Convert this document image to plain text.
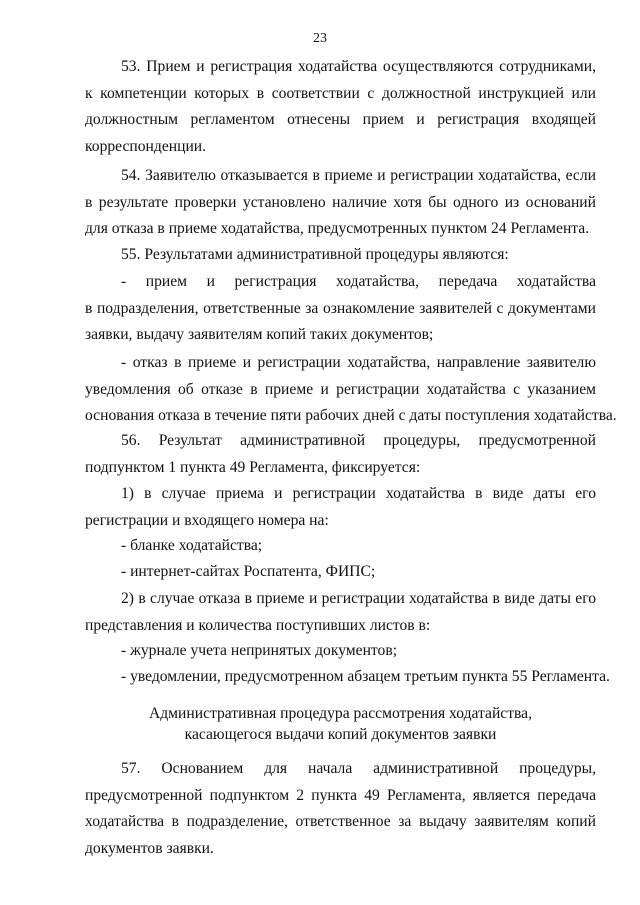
23
53. Прием и регистрация ходатайства осуществляются сотрудниками,
к компетенции которых в соответствии с должностной инструкцией или
должностным регламентом отнесены прием и регистрация входящей
корреспонденции.
54. Заявителю отказывается в приеме и регистрации ходатайства, если
в результате проверки установлено наличие хотя бы одного из оснований
для отказа в приеме ходатайства, предусмотренных пунктом 24 Регламента.
55. Результатами административной процедуры являются:
- прием и регистрация ходатайства, передача ходатайства
в подразделения, ответственные за ознакомление заявителей с документами
заявки, выдачу заявителям копий таких документов;
- отказ в приеме и регистрации ходатайства, направление заявителю
уведомления об отказе в приеме и регистрации ходатайства с указанием
основания отказа в течение пяти рабочих дней с даты поступления ходатайства.
56. Результат административной процедуры, предусмотренной
подпунктом 1 пункта 49 Регламента, фиксируется:
1) в случае приема и регистрации ходатайства в виде даты его
регистрации и входящего номера на:
- бланке ходатайства;
- интернет-сайтах Роспатента, ФИПС;
2) в случае отказа в приеме и регистрации ходатайства в виде даты его
представления и количества поступивших листов в:
- журнале учета непринятых документов;
- уведомлении, предусмотренном абзацем третьим пункта 55 Регламента.
Административная процедура рассмотрения ходатайства,
касающегося выдачи копий документов заявки
57. Основанием для начала административной процедуры,
предусмотренной подпунктом 2 пункта 49 Регламента, является передача
ходатайства в подразделение, ответственное за выдачу заявителям копий
документов заявки.
